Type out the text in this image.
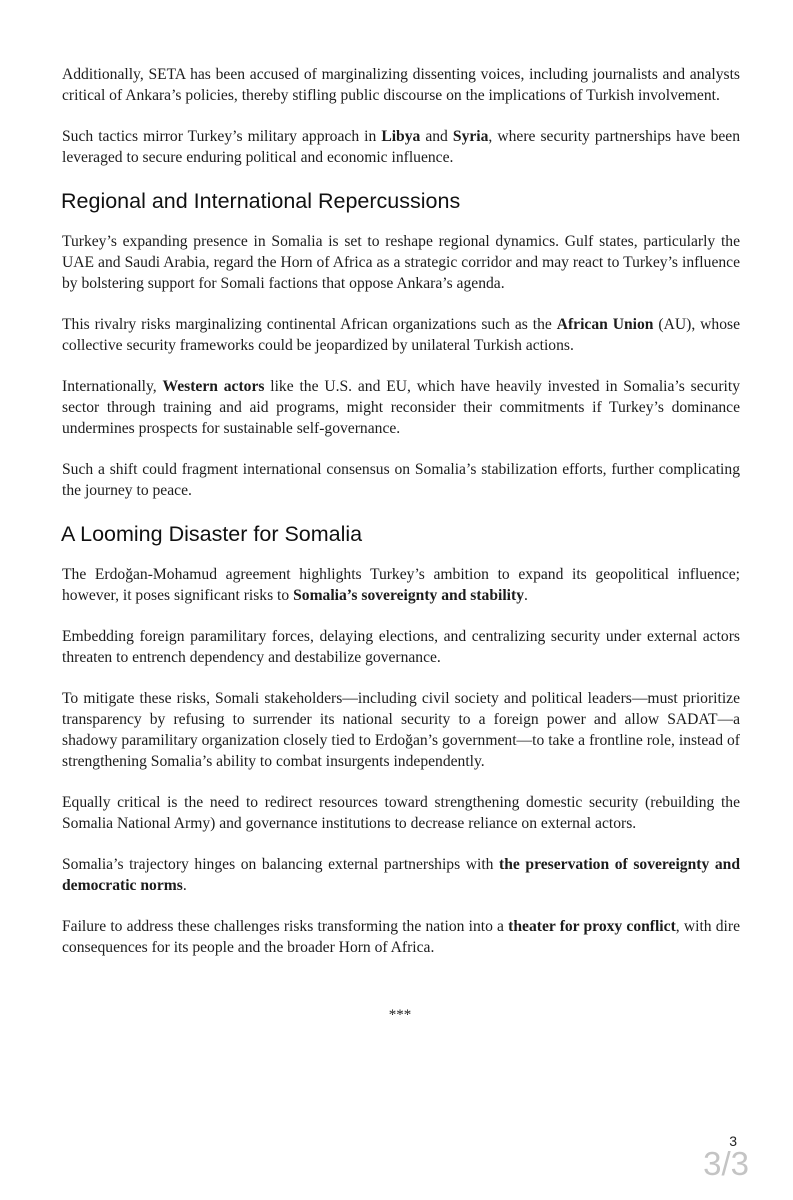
Additionally, SETA has been accused of marginalizing dissenting voices, including journalists and analysts critical of Ankara’s policies, thereby stifling public discourse on the implications of Turkish involvement.

Such tactics mirror Turkey’s military approach in Libya and Syria, where security partnerships have been leveraged to secure enduring political and economic influence.

Regional and International Repercussions

Turkey’s expanding presence in Somalia is set to reshape regional dynamics. Gulf states, particularly the UAE and Saudi Arabia, regard the Horn of Africa as a strategic corridor and may react to Turkey’s influence by bolstering support for Somali factions that oppose Ankara’s agenda.

This rivalry risks marginalizing continental African organizations such as the African Union (AU), whose collective security frameworks could be jeopardized by unilateral Turkish actions.

Internationally, Western actors like the U.S. and EU, which have heavily invested in Somalia’s security sector through training and aid programs, might reconsider their commitments if Turkey’s dominance undermines prospects for sustainable self-governance.

Such a shift could fragment international consensus on Somalia’s stabilization efforts, further complicating the journey to peace.

A Looming Disaster for Somalia

The Erdoğan-Mohamud agreement highlights Turkey’s ambition to expand its geopolitical influence; however, it poses significant risks to Somalia’s sovereignty and stability.

Embedding foreign paramilitary forces, delaying elections, and centralizing security under external actors threaten to entrench dependency and destabilize governance.

To mitigate these risks, Somali stakeholders—including civil society and political leaders—must prioritize transparency by refusing to surrender its national security to a foreign power and allow SADAT—a shadowy paramilitary organization closely tied to Erdoğan’s government—to take a frontline role, instead of strengthening Somalia’s ability to combat insurgents independently.

Equally critical is the need to redirect resources toward strengthening domestic security (rebuilding the Somalia National Army) and governance institutions to decrease reliance on external actors.

Somalia’s trajectory hinges on balancing external partnerships with the preservation of sovereignty and democratic norms.

Failure to address these challenges risks transforming the nation into a theater for proxy conflict, with dire consequences for its people and the broader Horn of Africa.

***
3
3/3
